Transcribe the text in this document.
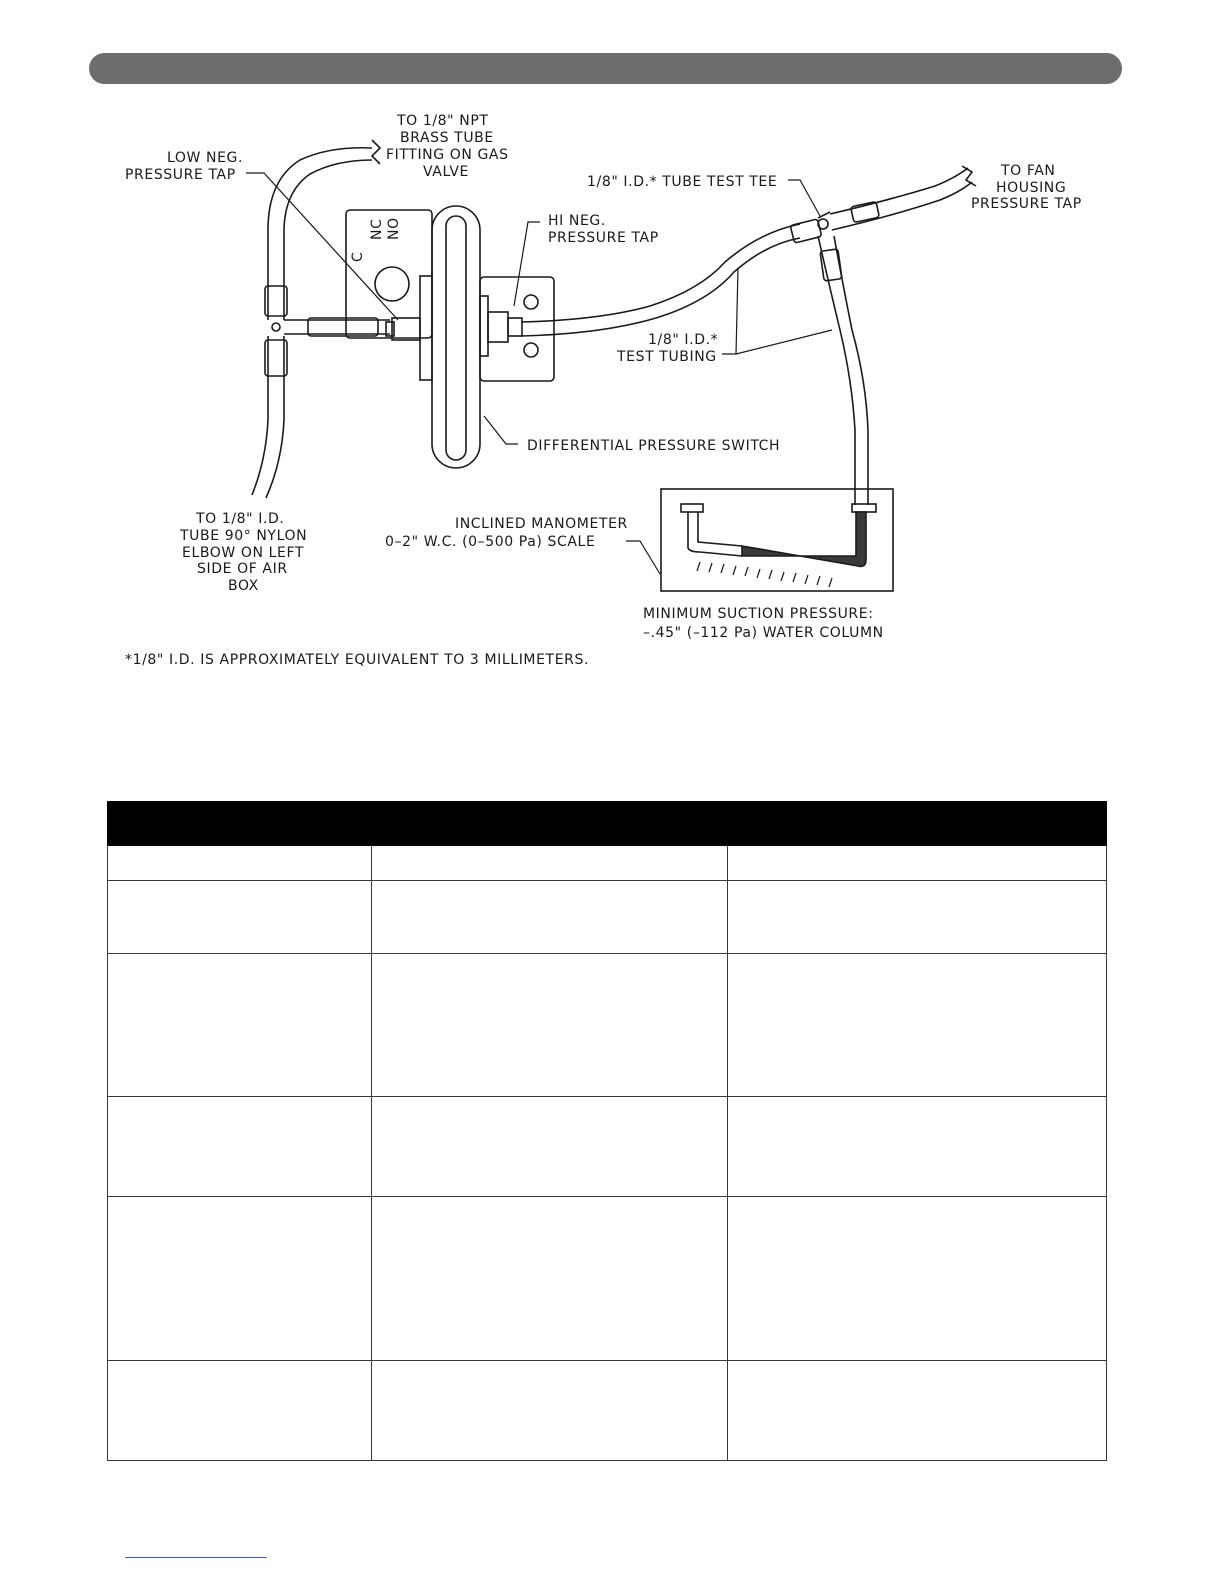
LOW NEG.
PRESSURE TAP
TO 1/8" NPT
BRASS TUBE
FITTING ON GAS
VALVE
HI NEG.
PRESSURE TAP
1/8" I.D.* TUBE TEST TEE
TO FAN
HOUSING
PRESSURE TAP
1/8" I.D.*
TEST TUBING
DIFFERENTIAL PRESSURE SWITCH
TO 1/8" I.D.
TUBE 90° NYLON
ELBOW ON LEFT
SIDE OF AIR
BOX
INCLINED MANOMETER
0–2" W.C. (0–500 Pa) SCALE
MINIMUM SUCTION PRESSURE:
–.45" (–112 Pa) WATER COLUMN
C
NC NO
*1/8" I.D. IS APPROXIMATELY EQUIVALENT TO 3 MILLIMETERS.
